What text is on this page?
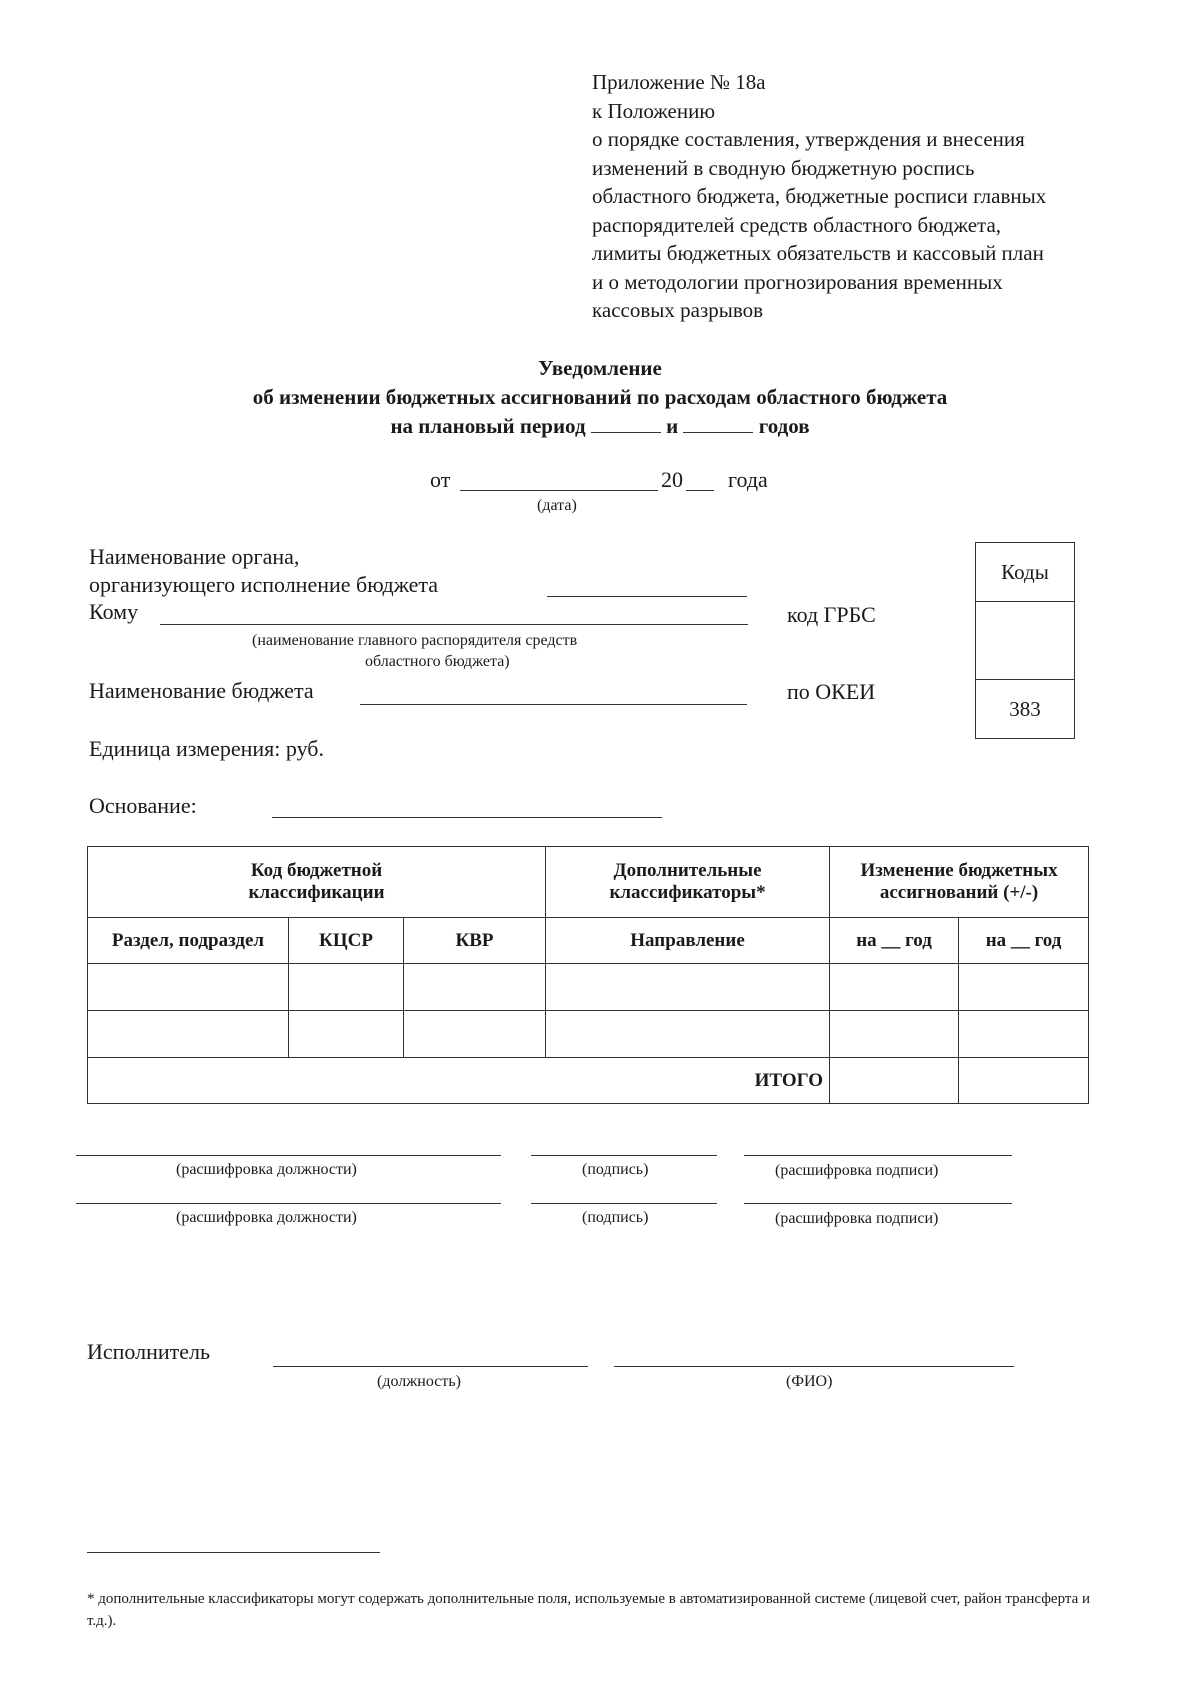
Приложение № 18а
к Положению
о порядке составления, утверждения и внесения
изменений в сводную бюджетную роспись
областного бюджета, бюджетные росписи главных
распорядителей средств областного бюджета,
лимиты бюджетных обязательств и кассовый план
и о методологии прогнозирования временных
кассовых разрывов
Уведомление
об изменении бюджетных ассигнований по расходам областного бюджета
на плановый период	и	годов
от	20 года
(дата)
Наименование органа,
организующего исполнение бюджета
Кому
(наименование главного распорядителя средств
областного бюджета)
Наименование бюджета
Единица измерения: руб.
Основание:
код ГРБС
по ОКЕИ
Коды

383
Код бюджетной классификации			Дополнительные классификаторы*	Изменение бюджетных ассигнований (+/-)	
Раздел, подраздел	КЦСР	КВР	Направление	на __ год	на __ год

ИТОГО					
(расшифровка должности)	(подпись)	(расшифровка подписи)
(расшифровка должности)	(подпись)	(расшифровка подписи)
Исполнитель
(должность)	(ФИО)
* дополнительные классификаторы могут содержать дополнительные поля, используемые в автоматизированной системе (лицевой счет, район трансферта и т.д.).
